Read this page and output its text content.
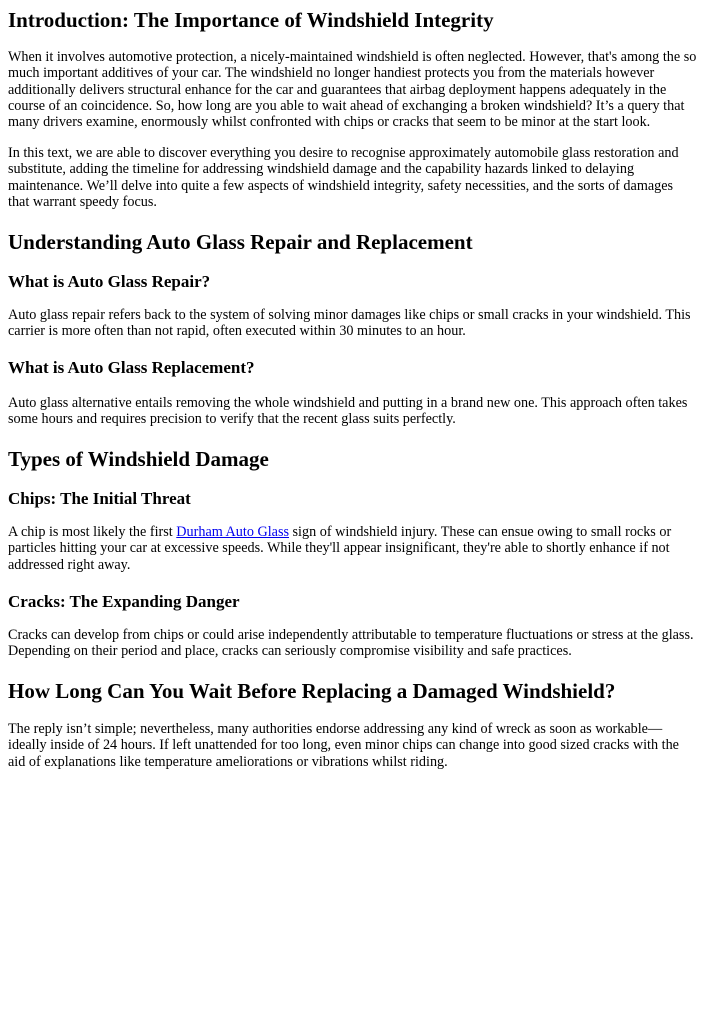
Introduction: The Importance of Windshield Integrity

When it involves automotive protection, a nicely-maintained windshield is often neglected. However, that's among the so
much important additives of your car. The windshield no longer handiest protects you from the materials however
additionally delivers structural enhance for the car and guarantees that airbag deployment happens adequately in the
course of an coincidence. So, how long are you able to wait ahead of exchanging a broken windshield? It’s a query that
many drivers examine, enormously whilst confronted with chips or cracks that seem to be minor at the start look.

In this text, we are able to discover everything you desire to recognise approximately automobile glass restoration and
substitute, adding the timeline for addressing windshield damage and the capability hazards linked to delaying
maintenance. We’ll delve into quite a few aspects of windshield integrity, safety necessities, and the sorts of damages
that warrant speedy focus.

Understanding Auto Glass Repair and Replacement
What is Auto Glass Repair?

Auto glass repair refers back to the system of solving minor damages like chips or small cracks in your windshield. This
carrier is more often than not rapid, often executed within 30 minutes to an hour.

What is Auto Glass Replacement?

Auto glass alternative entails removing the whole windshield and putting in a brand new one. This approach often takes
some hours and requires precision to verify that the recent glass suits perfectly.

Types of Windshield Damage
Chips: The Initial Threat

A chip is most likely the first Durham Auto Glass sign of windshield injury. These can ensue owing to small rocks or
particles hitting your car at excessive speeds. While they'll appear insignificant, they're able to shortly enhance if not
addressed right away.

Cracks: The Expanding Danger

Cracks can develop from chips or could arise independently attributable to temperature fluctuations or stress at the glass.
Depending on their period and place, cracks can seriously compromise visibility and safe practices.

How Long Can You Wait Before Replacing a Damaged Windshield?

The reply isn’t simple; nevertheless, many authorities endorse addressing any kind of wreck as soon as workable—
ideally inside of 24 hours. If left unattended for too long, even minor chips can change into good sized cracks with the
aid of explanations like temperature ameliorations or vibrations whilst riding.
